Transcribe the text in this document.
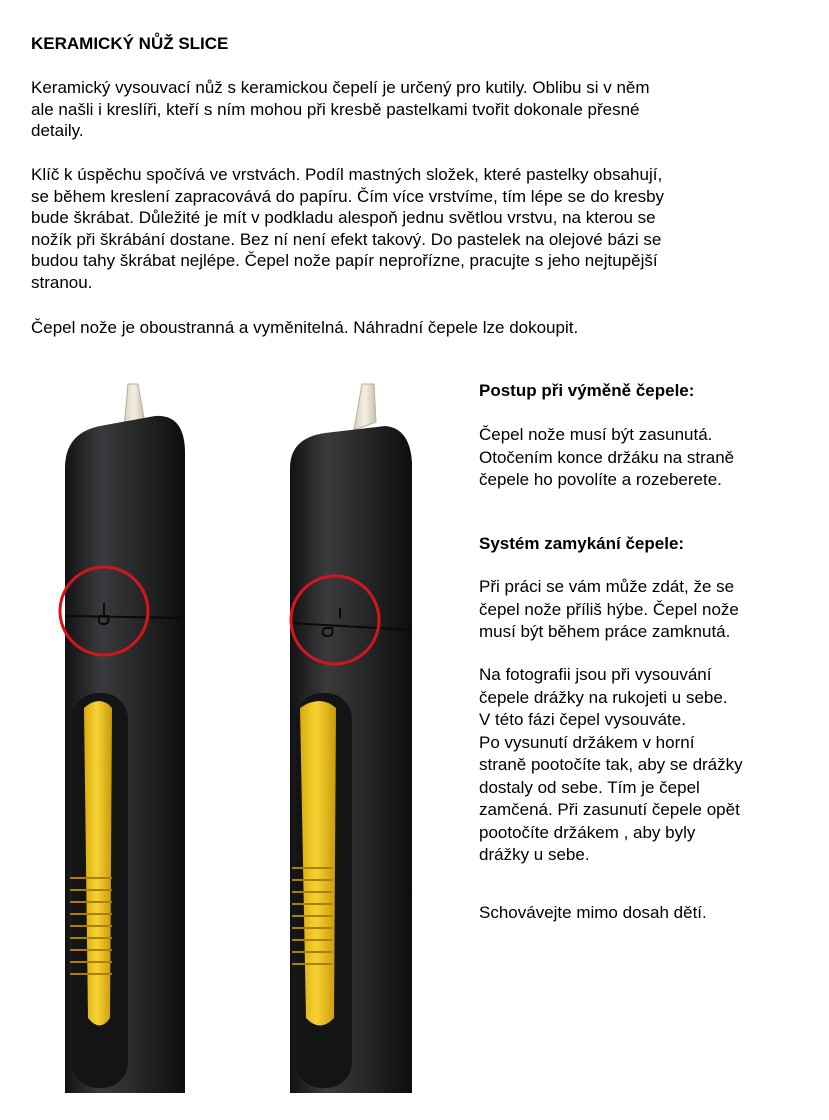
KERAMICKÝ NŮŽ SLICE
Keramický vysouvací nůž s keramickou čepelí je určený pro kutily. Oblibu si v něm
ale našli i kreslíři, kteří s ním mohou při kresbě pastelkami tvořit dokonale přesné
detaily.
Klíč k úspěchu spočívá ve vrstvách. Podíl mastných složek, které pastelky obsahují,
se během kreslení zapracovává do papíru. Čím více vrstvíme, tím lépe se do kresby
bude škrábat. Důležité je mít v podkladu alespoň jednu světlou vrstvu, na kterou se
nožík při škrábání dostane. Bez ní není efekt takový. Do pastelek na olejové bázi se
budou tahy škrábat nejlépe. Čepel nože papír neprořízne, pracujte s jeho nejtupější
stranou.
Čepel nože je oboustranná a vyměnitelná. Náhradní čepele lze dokoupit.
Postup při výměně čepele:
Čepel nože musí být zasunutá.
Otočením konce držáku na straně
čepele ho povolíte a rozeberete.
Systém zamykání čepele:
Při práci se vám může zdát, že se
čepel nože příliš hýbe. Čepel nože
musí být během práce zamknutá.
Na fotografii jsou při vysouvání
čepele drážky na rukojeti u sebe.
V této fázi čepel vysouváte.
Po vysunutí držákem v horní
straně pootočíte tak, aby se drážky
dostaly od sebe. Tím je čepel
zamčená. Při zasunutí čepele opět
pootočíte držákem , aby byly
drážky u sebe.
Schovávejte mimo dosah dětí.
